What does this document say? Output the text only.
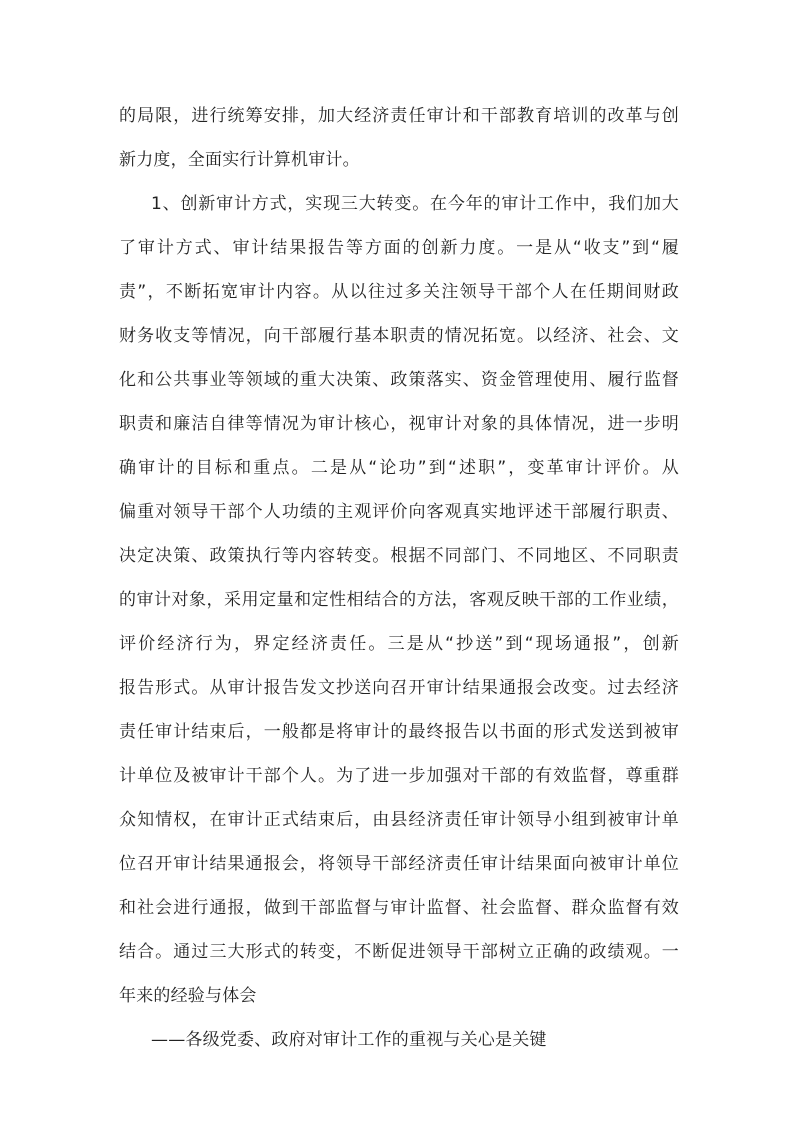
的局限，进行统筹安排，加大经济责任审计和干部教育培训的改革与创
新力度，全面实行计算机审计。
1、创新审计方式，实现三大转变。在今年的审计工作中，我们加大
了审计方式、审计结果报告等方面的创新力度。一是从“收支”到“履
责”，不断拓宽审计内容。从以往过多关注领导干部个人在任期间财政
财务收支等情况，向干部履行基本职责的情况拓宽。以经济、社会、文
化和公共事业等领域的重大决策、政策落实、资金管理使用、履行监督
职责和廉洁自律等情况为审计核心，视审计对象的具体情况，进一步明
确审计的目标和重点。二是从“论功”到“述职”，变革审计评价。从
偏重对领导干部个人功绩的主观评价向客观真实地评述干部履行职责、
决定决策、政策执行等内容转变。根据不同部门、不同地区、不同职责
的审计对象，采用定量和定性相结合的方法，客观反映干部的工作业绩，
评价经济行为，界定经济责任。三是从“抄送”到“现场通报”，创新
报告形式。从审计报告发文抄送向召开审计结果通报会改变。过去经济
责任审计结束后，一般都是将审计的最终报告以书面的形式发送到被审
计单位及被审计干部个人。为了进一步加强对干部的有效监督，尊重群
众知情权，在审计正式结束后，由县经济责任审计领导小组到被审计单
位召开审计结果通报会，将领导干部经济责任审计结果面向被审计单位
和社会进行通报，做到干部监督与审计监督、社会监督、群众监督有效
结合。通过三大形式的转变，不断促进领导干部树立正确的政绩观。一
年来的经验与体会
——各级党委、政府对审计工作的重视与关心是关键
